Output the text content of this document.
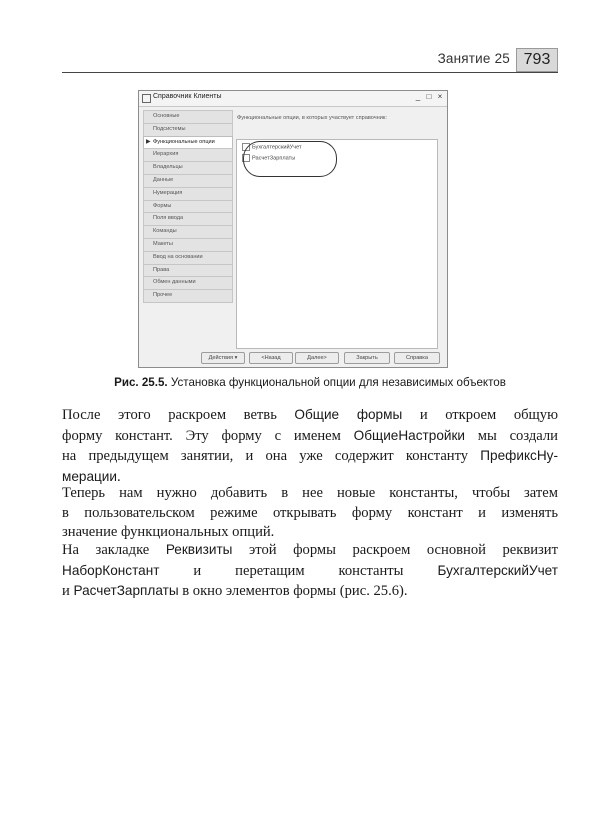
Занятие 25 793
Справочник Клиенты	_ □ ×
Основные
Подсистемы
▶ Функциональные опции
Иерархия
Владельцы
Данные
Нумерация
Формы
Поля ввода
Команды
Макеты
Ввод на основании
Права
Обмен данными
Прочее
Функциональные опции, в которых участвует справочник:
БухгалтерскийУчет
РасчетЗарплаты
Действия ▾	<Назад	Далее>	Закрыть	Справка
Рис. 25.5. Установка функциональной опции для независимых объектов
После этого раскроем ветвь Общие формы и откроем общую
форму констант. Эту форму с именем ОбщиеНастройки мы создали
на предыдущем занятии, и она уже содержит константу ПрефиксНу-
мерации.
Теперь нам нужно добавить в нее новые константы, чтобы затем
в пользовательском режиме открывать форму констант и изменять
значение функциональных опций.
На закладке Реквизиты этой формы раскроем основной реквизит
НаборКонстант и перетащим константы БухгалтерскийУчет
и РасчетЗарплаты в окно элементов формы (рис. 25.6).
